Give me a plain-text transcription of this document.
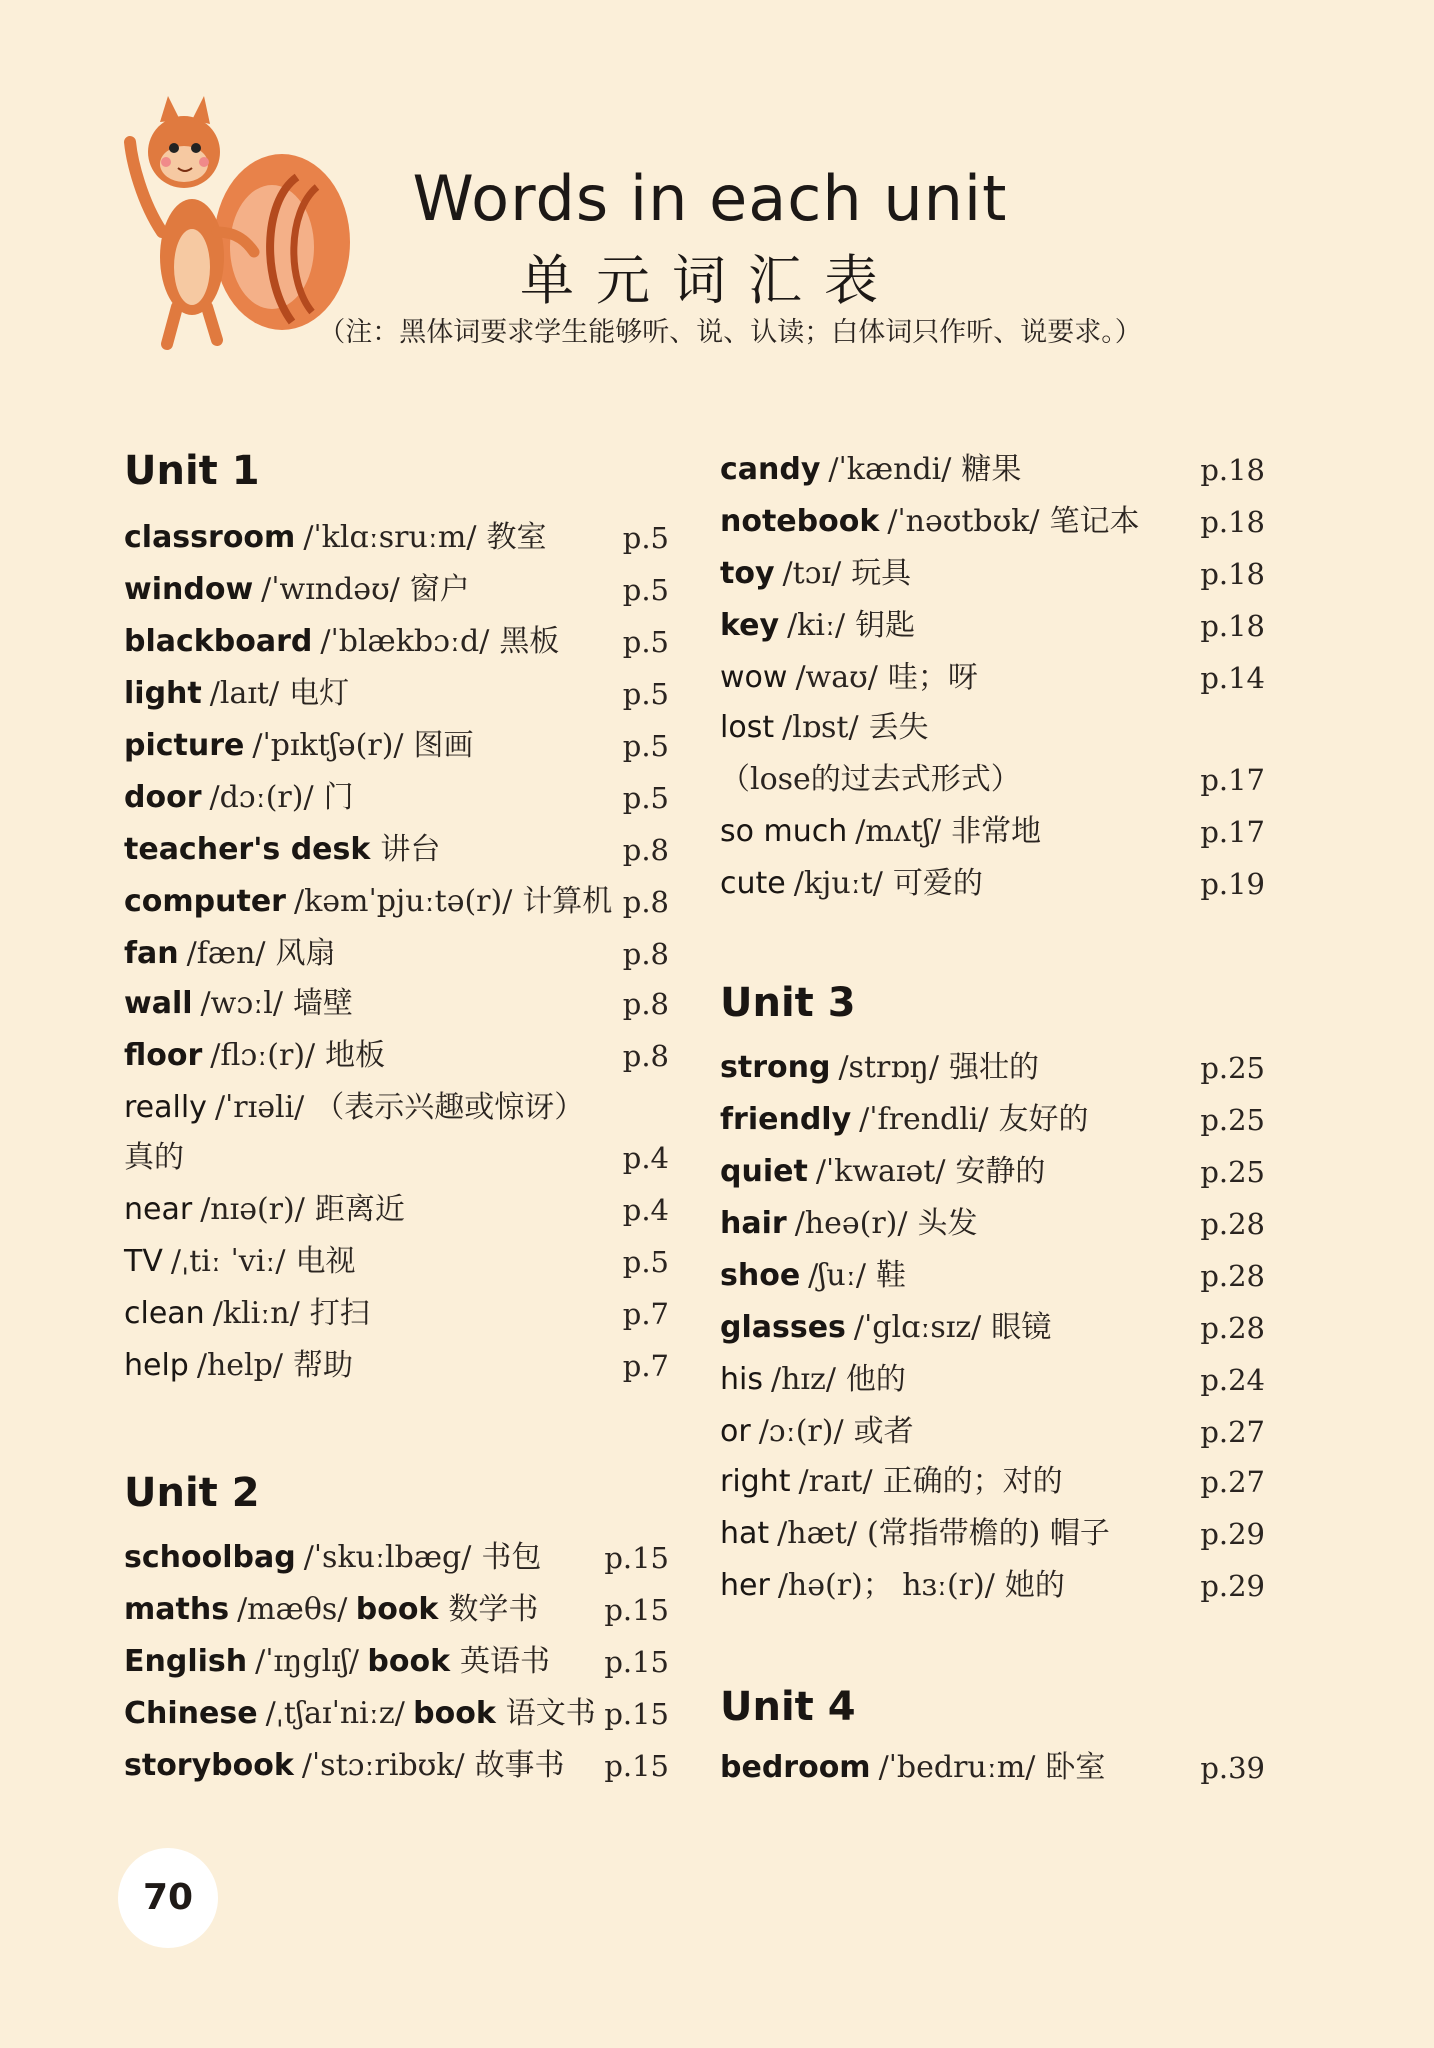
Words in each unit
单元词汇表
（注：黑体词要求学生能够听、说、认读；白体词只作听、说要求。）
Unit 1
classroom /ˈklɑːsruːm/ 教室	p.5
window /ˈwɪndəʊ/ 窗户	p.5
blackboard /ˈblækbɔːd/ 黑板 p.5
light /laɪt/ 电灯	p.5
picture /ˈpɪktʃə(r)/ 图画	p.5
door /dɔː(r)/ 门	p.5
teacher's desk 讲台	p.8
computer /kəmˈpjuːtə(r)/ 计算机 p.8
fan /fæn/ 风扇	p.8
wall /wɔːl/ 墙壁	p.8
floor /flɔː(r)/ 地板	p.8
really /ˈrɪəli/ （表示兴趣或惊讶）
真的	p.4
near /nɪə(r)/ 距离近	p.4
TV /ˌtiː ˈviː/ 电视	p.5
clean /kliːn/ 打扫	p.7
help /help/ 帮助	p.7
Unit 2
schoolbag /ˈskuːlbæg/ 书包 p.15
maths /mæθs/ book 数学书 p.15
English /ˈɪŋglɪʃ/ book 英语书 p.15
Chinese /ˌtʃaɪˈniːz/ book 语文书 p.15
storybook /ˈstɔːribʊk/ 故事书 p.15
candy /ˈkændi/ 糖果	p.18
notebook /ˈnəʊtbʊk/ 笔记本 p.18
toy /tɔɪ/ 玩具	p.18
key /kiː/ 钥匙	p.18
wow /waʊ/ 哇；呀	p.14
lost /lɒst/ 丢失
（lose的过去式形式）	p.17
so much /mʌtʃ/ 非常地	p.17
cute /kjuːt/ 可爱的	p.19
Unit 3
strong /strɒŋ/ 强壮的	p.25
friendly /ˈfrendli/ 友好的	p.25
quiet /ˈkwaɪət/ 安静的	p.25
hair /heə(r)/ 头发	p.28
shoe /ʃuː/ 鞋	p.28
glasses /ˈglɑːsɪz/ 眼镜	p.28
his /hɪz/ 他的	p.24
or /ɔː(r)/ 或者	p.27
right /raɪt/ 正确的；对的	p.27
hat /hæt/ (常指带檐的) 帽子	p.29
her /hə(r)； hɜː(r)/ 她的	p.29
Unit 4
bedroom /ˈbedruːm/ 卧室	p.39
70
